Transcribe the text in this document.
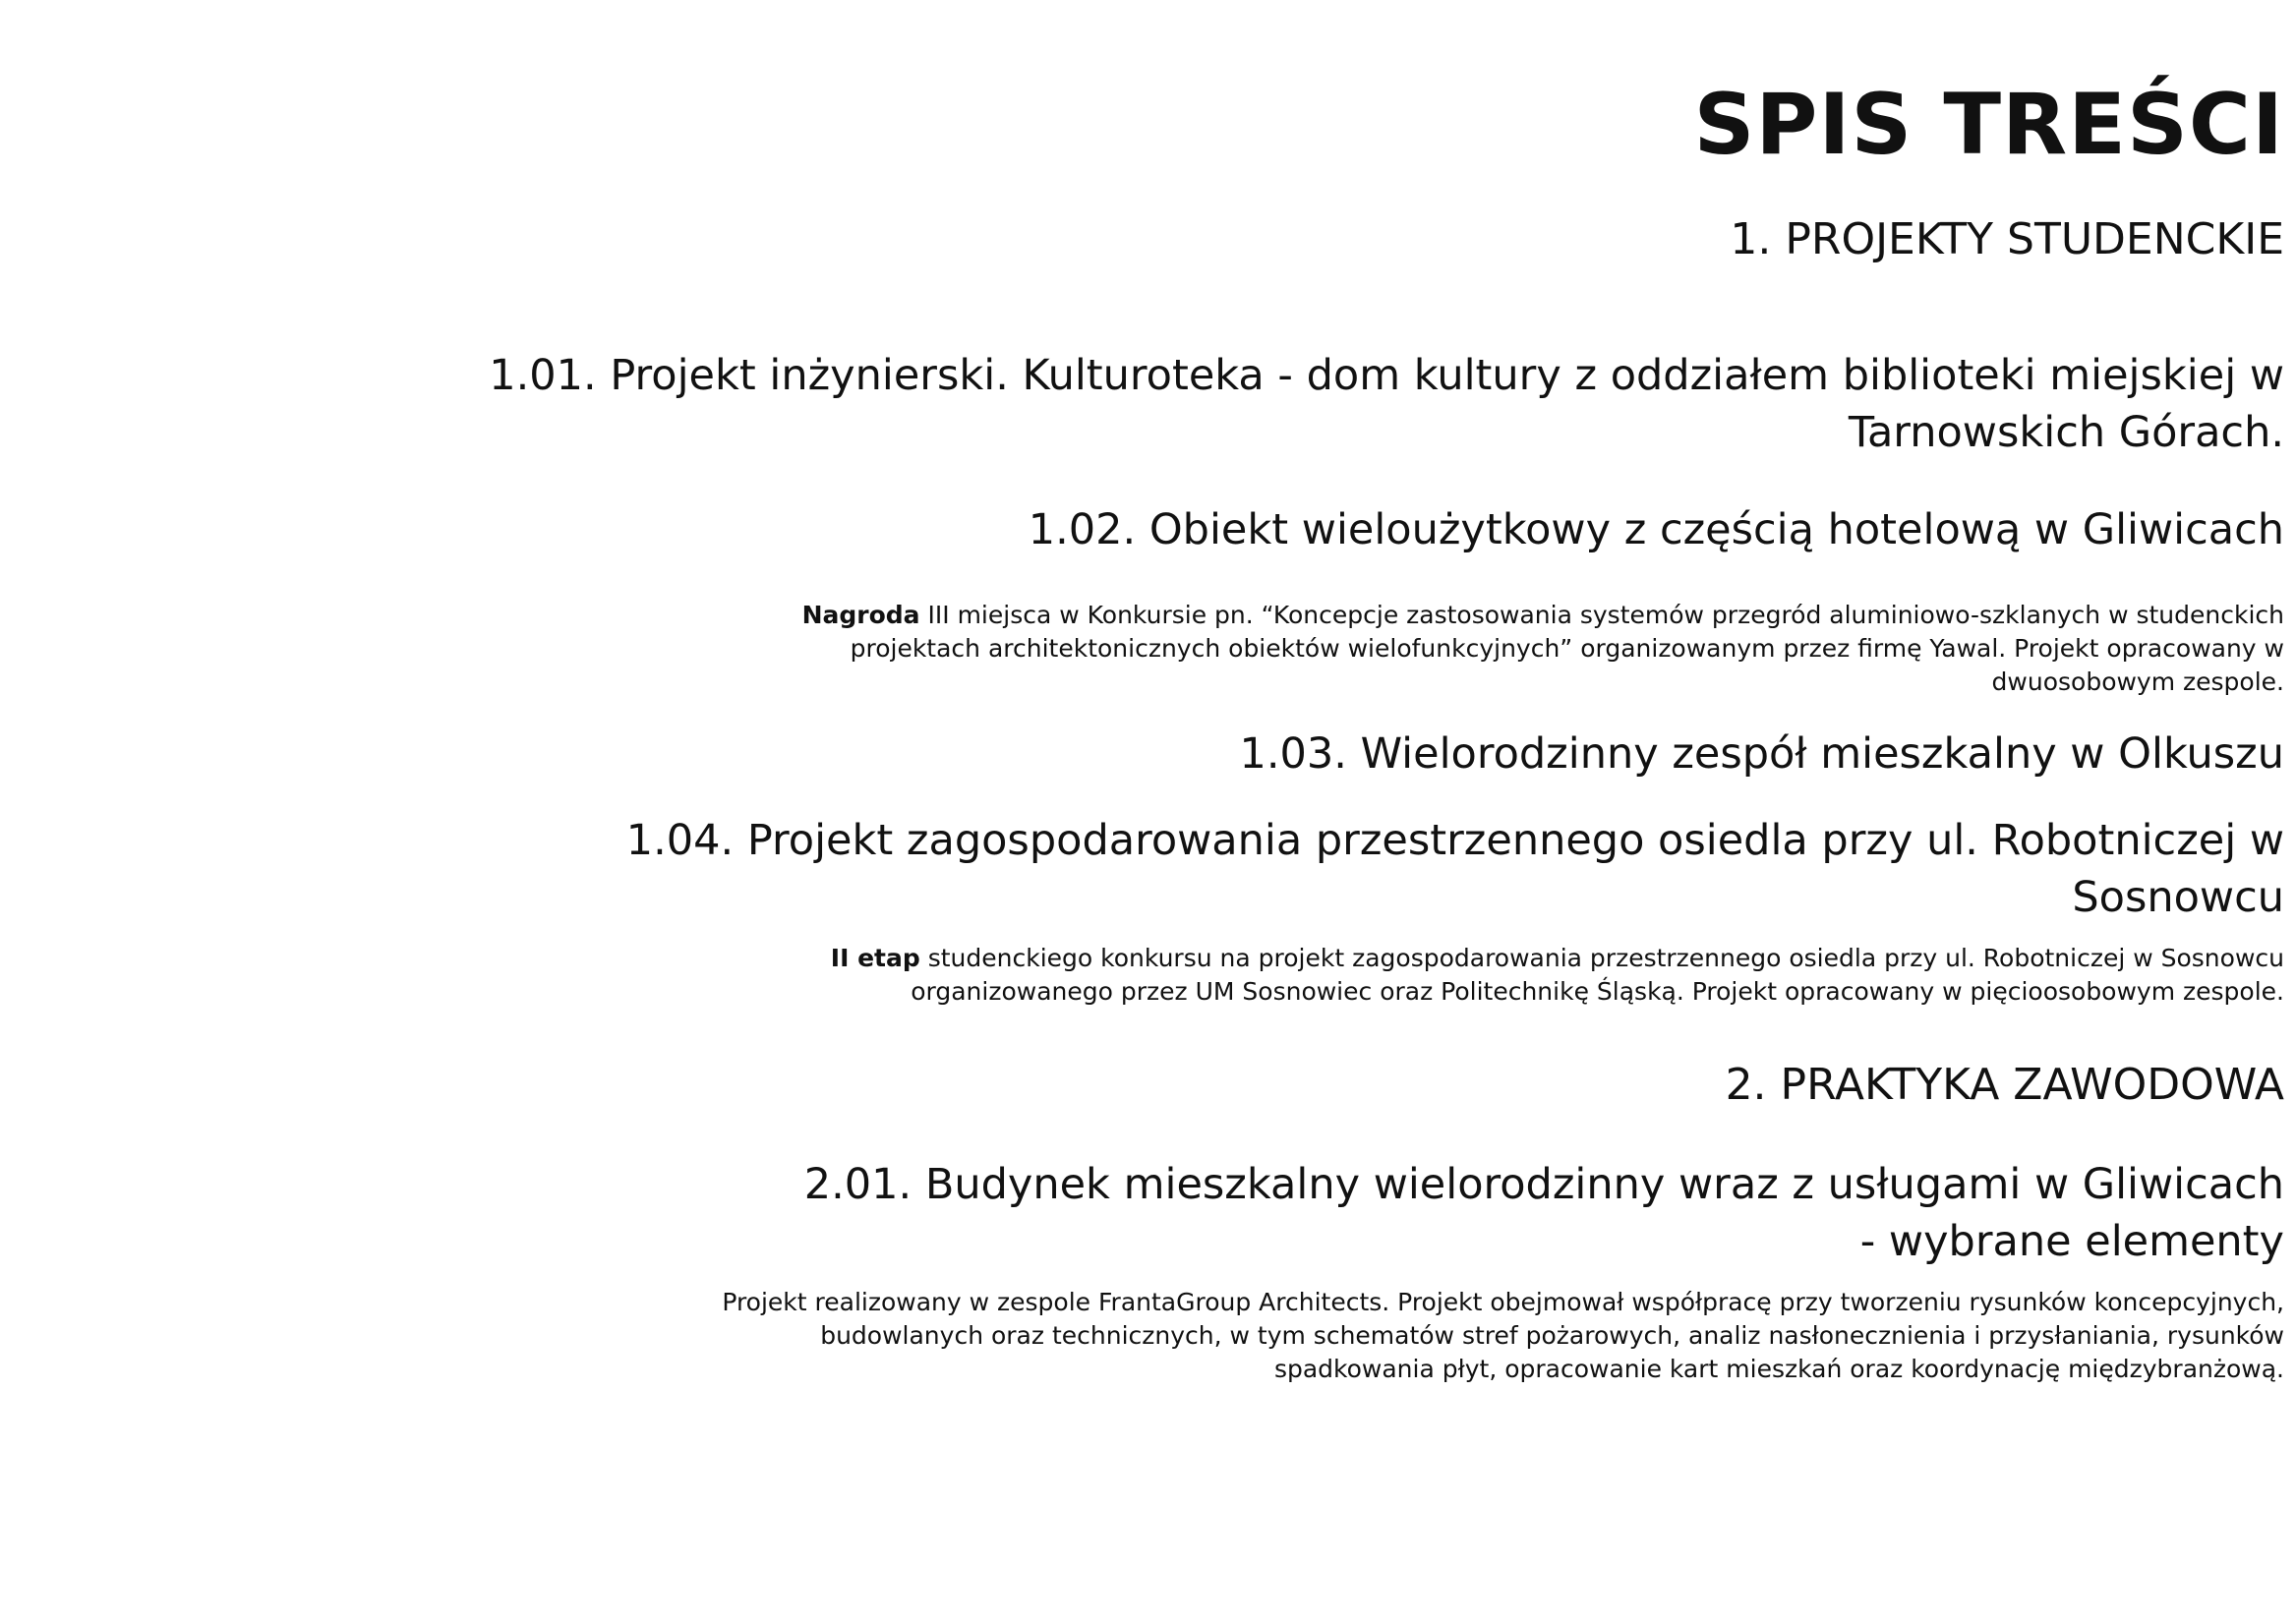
SPIS TREŚCI
1. PROJEKTY STUDENCKIE
1.01. Projekt inżynierski. Kulturoteka - dom kultury z oddziałem biblioteki miejskiej w
Tarnowskich Górach.
1.02. Obiekt wieloużytkowy z częścią hotelową w Gliwicach
Nagroda III miejsca w Konkursie pn. “Koncepcje zastosowania systemów przegród aluminiowo-szklanych w studenckich
projektach architektonicznych obiektów wielofunkcyjnych” organizowanym przez firmę Yawal. Projekt opracowany w
dwuosobowym zespole.
1.03. Wielorodzinny zespół mieszkalny w Olkuszu
1.04. Projekt zagospodarowania przestrzennego osiedla przy ul. Robotniczej w
Sosnowcu
II etap studenckiego konkursu na projekt zagospodarowania przestrzennego osiedla przy ul. Robotniczej w Sosnowcu
organizowanego przez UM Sosnowiec oraz Politechnikę Śląską. Projekt opracowany w pięcioosobowym zespole.
2. PRAKTYKA ZAWODOWA
2.01. Budynek mieszkalny wielorodzinny wraz z usługami w Gliwicach
- wybrane elementy
Projekt realizowany w zespole FrantaGroup Architects. Projekt obejmował współpracę przy tworzeniu rysunków koncepcyjnych,
budowlanych oraz technicznych, w tym schematów stref pożarowych, analiz nasłonecznienia i przysłaniania, rysunków
spadkowania płyt, opracowanie kart mieszkań oraz koordynację międzybranżową.
